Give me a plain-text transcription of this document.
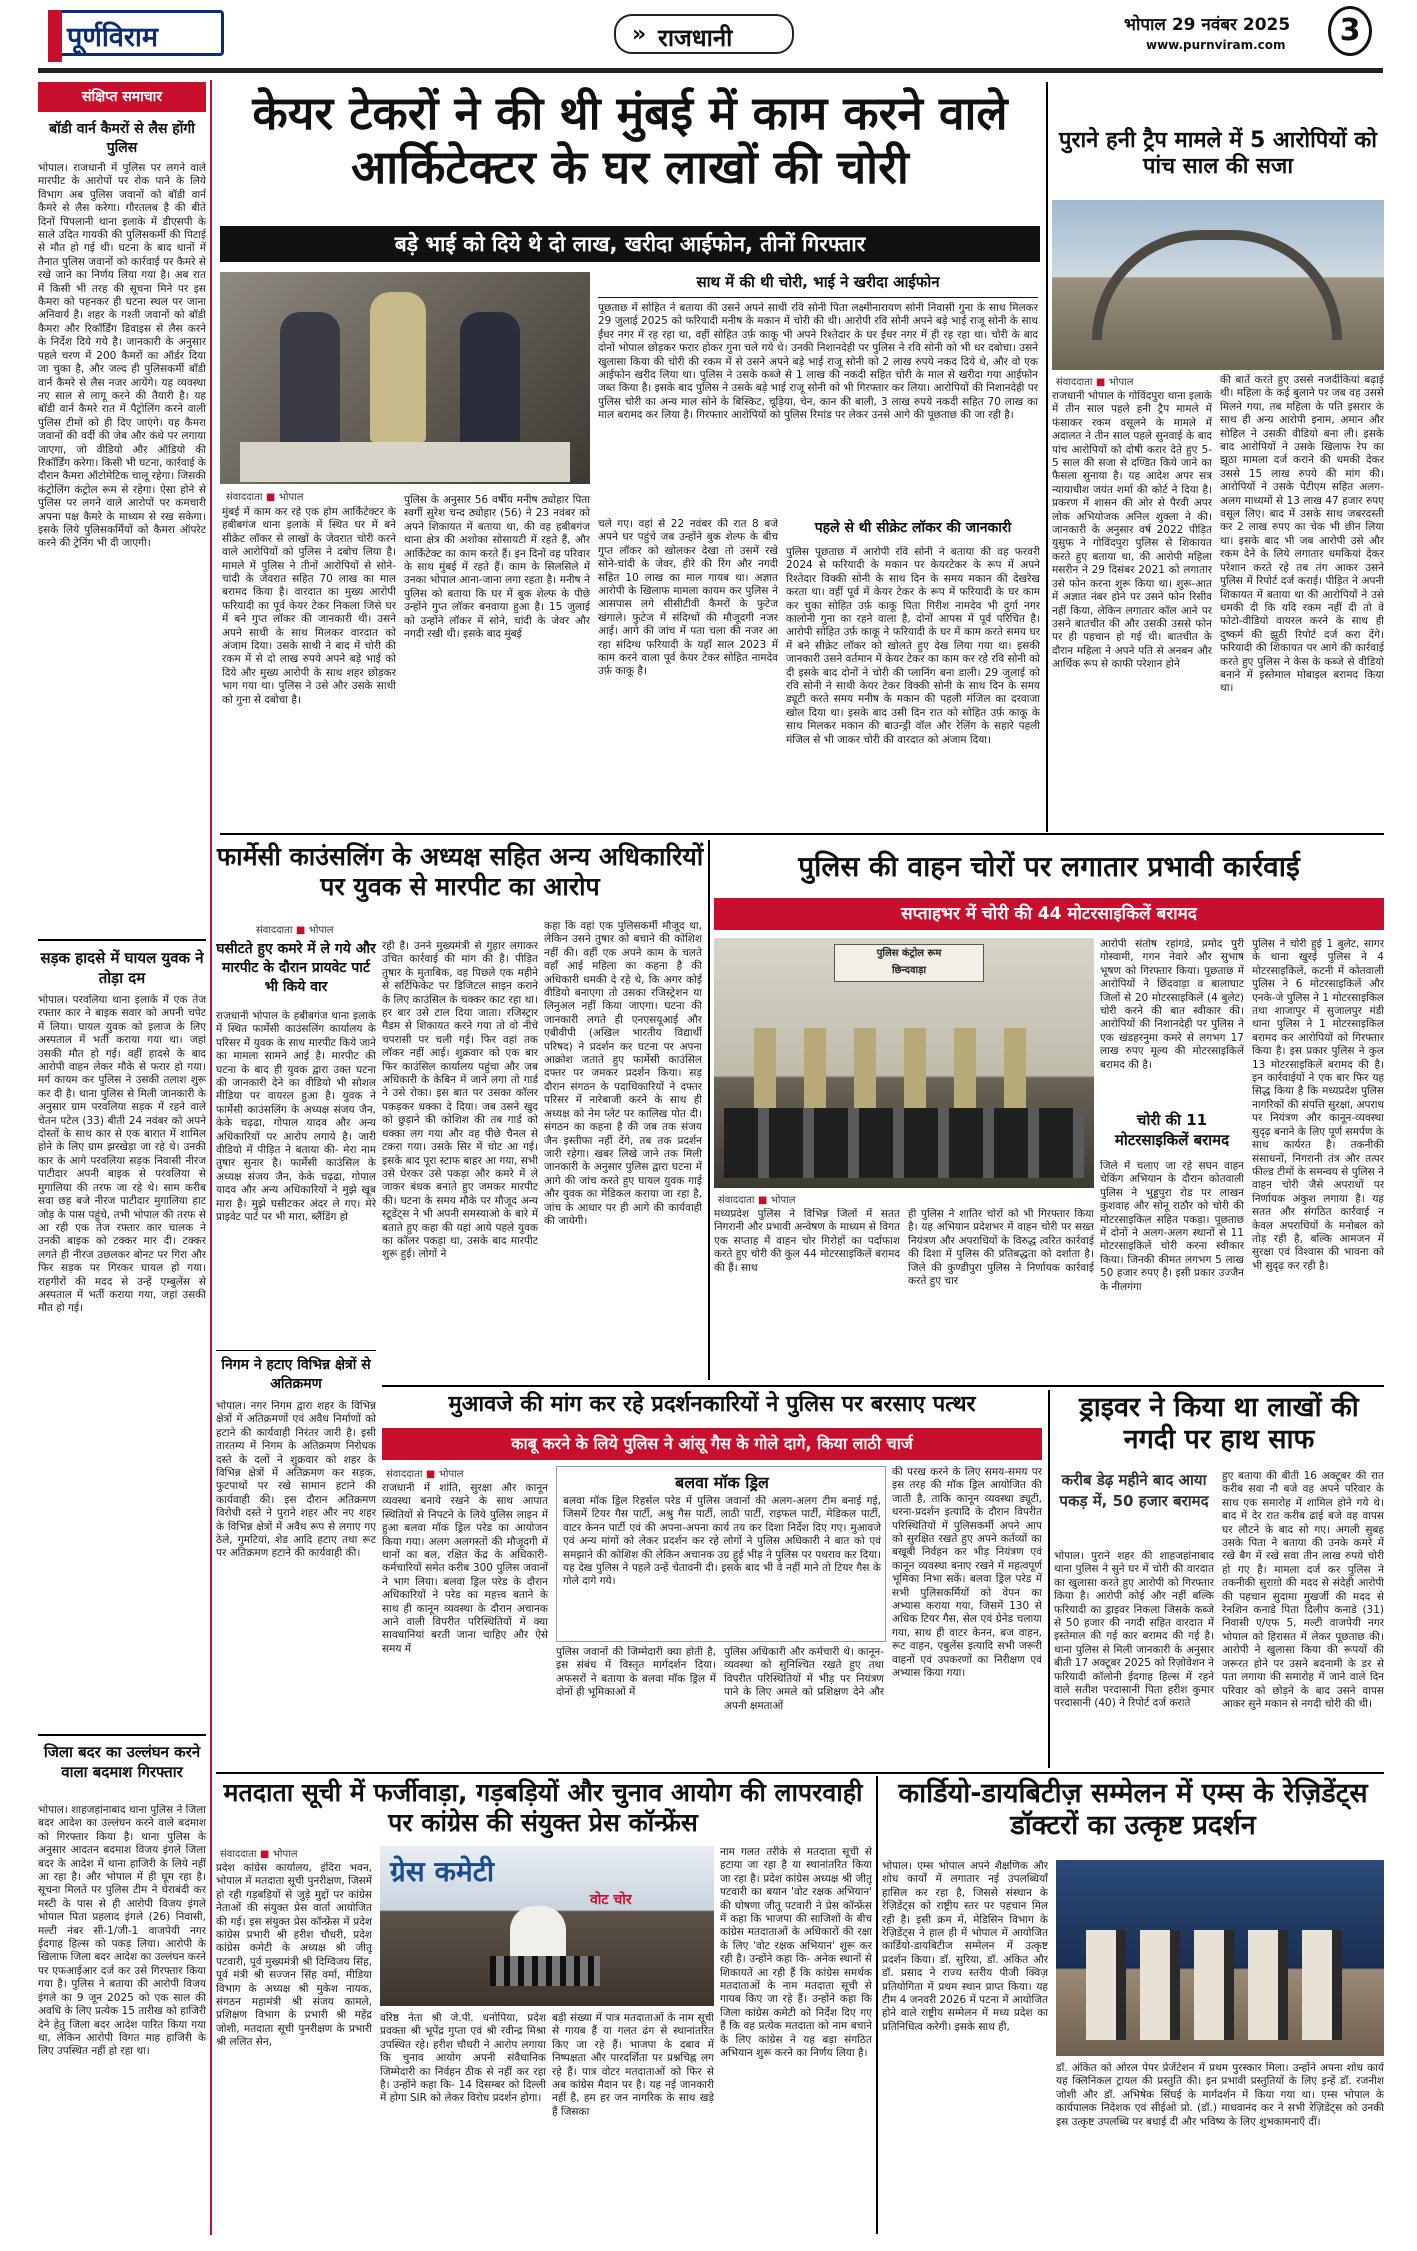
पूर्णविराम	» राजधानी	भोपाल 29 नवंबर 2025
www.purnviram.com	3
संक्षिप्त समाचार
बॉडी वार्न कैमरों से लैस होंगी पुलिस
भोपाल। राजधानी में पुलिस पर लगने वाले मारपीट के आरोपों पर रोक पाने के लिये विभाग अब पुलिस जवानों को बॉडी वार्न कैमरे से लैस करेगा। गौरतलब है की बीते दिनों पिपलानी थाना इलाके में डीएसपी के साले उदित गायकी की पुलिसकर्मी की पिटाई से मौत हो गई थी। घटना के बाद थानों में तैनात पुलिस जवानों को कार्रवाई पर कैमरे से रखे जाने का निर्णय लिया गया है। अब रात में किसी भी तरह की सूचना मिने पर इस कैमरा को पहनकर ही घटना स्थल पर जाना अनिवार्य है। शहर के गश्ती जवानों को बॉडी कैमरा और रिकॉर्डिंग डिवाइस से लैस करने के निर्देश दिये गये है। जानकारी के अनुसार पहले चरण में 200 कैमरों का ऑर्डर दिया जा चुका है, और जल्द ही पुलिसकर्मी बॉडी वार्न कैमरे से लैस नजर आयेंगे। यह व्यवस्था नए साल से लागू करने की तैयारी है। यह बॉडी वार्न कैमरे रात में पैट्रोलिंग करने वाली पुलिस टीमों को ही दिए जाएंगे। यह कैमरा जवानों की वर्दी की जेब और कंधे पर लगाया जाएगा, जो वीडियो और ऑडियो की रिकॉर्डिंग करेगा। किसी भी घटना, कार्रवाई के दौरान कैमरा ऑटोमेटिक चालू रहेगा। जिसकी कंट्रोलिंग कंट्रोल रूम से रहेगा। ऐसा होने से पुलिस पर लगने वाले आरोपों पर कमचारी अपना पक्ष कैमरे के माध्यम से रख सकेगा। इसके लिये पुलिसकर्मियों को कैमरा ऑपरेट करने की ट्रेनिंग भी दी जाएगी।
सड़क हादसे में घायल युवक ने तोड़ा दम
भोपाल। परवलिया थाना इलाके में एक तेज रफ्तार कार ने बाइक सवार को अपनी चपेट में लिया। घायल युवक को इलाज के लिए अस्पताल में भर्ती कराया गया था। जहां उसकी मौत हो गई। वहीं हादसे के बाद आरोपी वाहन लेकर मौके से फरार हो गया। मर्ग कायम कर पुलिस ने उसकी तलाश शुरू कर दी है। थाना पुलिस से मिली जानकारी के अनुसार ग्राम परवलिया सड़क में रहने वाले चेतन पटेल (33) बीती 24 नवंबर को अपने दोस्तों के साथ कार से एक बारात में शामिल होने के लिए ग्राम झरखेड़ा जा रहे थे। उनकी कार के आगे परवलिया सड़क निवासी नीरज पाटीदार अपनी बाइक से परवलिया से मुगालिया की तरफ जा रहे थे। साम करीब सवा छह बजे नीरज पाटीदार मुगालिया हाट जोड़ के पास पहुंचे, तभी भोपाल की तरफ से आ रही एक तेज रफ्तार कार चालक ने उनकी बाइक को टक्कर मार दी। टक्कर लगते ही नीरज उछलकर बोनट पर गिरा और फिर सड़क पर गिरकर घायल हो गया। राहगीरों की मदद से उन्हें एम्बुलेंस से अस्पताल में भर्ती कराया गया, जहां उसकी मौत हो गई।
जिला बदर का उल्लंघन करने वाला बदमाश गिरफ्तार
भोपाल। शाहजहांनाबाद थाना पुलिस ने जिला बदर आदेश का उल्लंघन करने वाले बदमाश को गिरफ्तार किया है। थाना पुलिस के अनुसार आदतन बदमाश विजय इंगले जिला बदर के आदेश में थाना हाजिरी के लिये नहीं आ रहा है। और भोपाल में ही घूम रहा है। सूचना मिलते पर पुलिस टीम ने घेराबंदी कर मस्टी के पास से ही आरोपी विजय इंगले भोपाल पिता प्रहलाद इंगले (26) निवासी, मल्टी नंबर सी-1/जी-1 वाजपेयी नगर ईदगाह हिल्स को पकड़ लिया। आरोपी के खिलाफ जिला बदर आदेश का उल्लंघन करने पर एफआईआर दर्ज कर उसे गिरफ्तार किया गया है। पुलिस ने बताया की आरोपी विजय इंगले का 9 जून 2025 को एक साल की अवधि के लिए प्रत्येक 15 तारीख को हाजिरी देने हेतु जिला बदर आदेश पारित किया गया था, लेकिन आरोपी विगत माह हाजिरी के लिए उपस्थित नहीं हो रहा था।
केयर टेकरों ने की थी मुंबई में काम करने वाले आर्किटेक्टर के घर लाखों की चोरी
बड़े भाई को दिये थे दो लाख, खरीदा आईफोन, तीनों गिरफ्तार
संवाददाता ■ भोपाल
मुंबई में काम कर रहे एक होम आर्किटेक्टर के हबीबगंज थाना इलाके में स्थित घर में बने सीक्रेट लॉकर से लाखों के जेवरात चोरी करने वाले आरोपियों को पुलिस ने दबोच लिया है। मामले में पुलिस ने तीनों आरोपियों से सोने-चांदी के जेवरात सहित 70 लाख का माल बरामद किया है। वारदात का मुख्य आरोपी फरियादी का पूर्व केयर टेकर निकला जिसे घर में बने गुप्त लॉकर की जानकारी थी। उसने अपने साथी के साथ मिलकर वारदात को अंजाम दिया। उसके साथी ने बाद में चोरी की रकम में से दो लाख रुपये अपने बड़े भाई को दिये और मुख्य आरोपी के साथ शहर छोड़कर भाग गया था। पुलिस ने उसे और उसके साथी को गुना से दबोचा है।
पुलिस के अनुसार 56 वर्षीय मनीष ठ्योहार पिता स्वर्गी सुरेश चन्द ठ्योहार (56) ने 23 नवंबर को अपने शिकायत में बताया था, की वह हबीबगंज थाना क्षेत्र की अशोका सोसायटी में रहते हैं, और आर्किटेक्ट का काम करते हैं। इन दिनों वह परिवार के साथ मुंबई में रहते हैं। काम के सिलसिले में उनका भोपाल आना-जाना लगा रहता है। मनीष ने पुलिस को बताया कि घर में बुक शेल्फ के पीछे उन्होंने गुप्त लॉकर बनवाया हुआ है। 15 जुलाई को उन्होंने लॉकर में सोने, चांदी के जेवर और नगदी रखी थी। इसके बाद मुंबई
चले गए। वहां से 22 नवंबर की रात 8 बजे अपने घर पहुंचे जब उन्होंने बुक शेल्फ के बीच गुप्त लॉकर को खोलकर देखा तो उसमें रखे सोने-चांदी के जेवर, हीरे की रिंग और नगदी सहित 10 लाख का माल गायब था। अज्ञात आरोपी के खिलाफ मामला कायम कर पुलिस ने आसपास लगे सीसीटीवी कैमरों के फुटेज खंगाले। फुटेज में संदिग्धों की मौजूदगी नजर आई। आगे की जांच में पता चला की नजर आ रहा संदिग्ध फरियादी के यहाँ साल 2023 में काम करने वाला पूर्व केयर टेकर सोहित नामदेव उर्फ़ काकू है।
साथ में की थी चोरी, भाई ने खरीदा आईफोन
पूछताछ में सोहित ने बताया की उसने अपने साथी रवि सोनी पिता लक्ष्मीनारायण सोनी निवासी गुना के साथ मिलकर 29 जुलाई 2025 को फरियादी मनीष के मकान में चोरी की थी। आरोपी रवि सोनी अपने बड़े भाई राजू सोनी के साथ ईंधर नगर में रह रहा था, वहीं सोहित उर्फ़ काकू भी अपने रिश्तेदार के घर ईंधर नगर में ही रह रहा था। चोरी के बाद दोनों भोपाल छोड़कर फरार होकर गुना चले गये थे। उनकी निशानदेही पर पुलिस ने रवि सोनी को भी धर दबोचा। उसने खुलासा किया की चोरी की रकम में से उसने अपने बड़े भाई राजू सोनी को 2 लाख रुपये नकद दिये थे, और वो एक आईफोन खरीद लिया था। पुलिस ने उसके कब्जे से 1 लाख की नकदी सहित चोरी के माल से खरीदा गया आईफोन जब्त किया है। इसके बाद पुलिस ने उसके बड़े भाई राजू सोनी को भी गिरफ्तार कर लिया। आरोपियों की निशानदेही पर पुलिस चोरी का अन्य माल सोने के बिस्किट, चूड़िया, चेन, कान की बाली, 3 लाख रुपये नकदी सहित 70 लाख का माल बरामद कर लिया है। गिरफ्तार आरोपियों को पुलिस रिमांड पर लेकर उनसे आगे की पूछताछ की जा रही है।
पहले से थी सीक्रेट लॉकर की जानकारी
पुलिस पूछताछ में आरोपी रवि सोनी ने बताया की वह फरवरी 2024 से फरियादी के मकान पर केयरटेकर के रूप में अपने रिश्तेदार विक्की सोनी के साथ दिन के समय मकान की देखरेख करता था। वहीं पूर्व में केयर टेकर के रूप में फरियादी के घर काम कर चुका सोहित उर्फ़ काकू पिता गिरीश नामदेव भी दुर्गा नगर कालोनी गुना का रहने वाला है, दोनों आपस में पूर्व परिचित है। आरोपी सोहित उर्फ़ काकू ने फरियादी के घर में काम करते समय घर में बने सीक्रेट लॉकर को खोलते हुए देख लिया गया था। इसकी जानकारी उसने वर्तमान में केयर टेकर का काम कर रहे रवि सोनी को दी इसके बाद दोनों ने चोरी की प्लानिंग बना डाली। 29 जुलाई को रवि सोनी ने साथी केयर टेकर विक्की सोनी के साथ दिन के समय ड्यूटी करते समय मनीष के मकान की पहली मंजिल का दरवाजा खोल दिया था। इसके बाद उसी दिन रात को सोहित उर्फ़ काकू के साथ मिलकर मकान की बाउन्ड्री वॉल और रेलिंग के सहारे पहली मंजिल से भी जाकर चोरी की वारदात को अंजाम दिया।
पुराने हनी ट्रैप मामले में 5 आरोपियों को पांच साल की सजा
संवाददाता ■ भोपाल
राजधानी भोपाल के गोविंदपुरा थाना इलाके में तीन साल पहले हनी ट्रैप मामले में फंसाकर रकम वसूलने के मामले में अदालत ने तीन साल पहले सुनवाई के बाद पांच आरोपियों को दोषी करार देते हुए 5-5 साल की सजा से दण्डित किये जाने का फैसला सुनाया है। यह आदेश अपर सत्र न्यायाधीश जयंत शर्मा की कोर्ट ने दिया है। प्रकरण में शासन की ओर से पैरवी अपर लोक अभियोजक अनिल शुक्ला ने की। जानकारी के अनुसार वर्ष 2022 पीड़ित युसुफ ने गोविंदपुरा पुलिस से शिकायत करते हुए बताया था, की आरोपी महिला मसरीन ने 29 दिसंबर 2021 को लगातार उसे फोन करना शुरू किया था। शुरू-आत में अज्ञात नंबर होने पर उसने फोन रिसीव नहीं किया, लेकिन लगातार कॉल आने पर उसने बातचीत की और उसकी उससे फोन पर ही पहचान हो गई थी। बातचीत के दौरान महिला ने अपने पति से अनबन और आर्थिक रूप से काफी परेशान होने
की बातें करते हुए उससे नजदीकियां बढ़ाई थी। महिला के कई बुलाने पर जब वह उससे मिलने गया, तब महिला के पति इसरार के साथ ही अन्य आरोपी इनाम, अमान और सोहिल ने उसकी वीडियो बना ली। इसके बाद आरोपियों ने उसके खिलाफ रेप का झूठा मामला दर्ज कराने की धमकी देकर उससे 15 लाख रुपये की मांग की। आरोपियों ने उसके पेटीएम सहित अलग-अलग माध्यमों से 13 लाख 47 हजार रुपए वसूल लिए। बाद में उसके साथ जबरदस्ती कर 2 लाख रुपए का चेक भी छीन लिया था। इसके बाद भी जब आरोपी उसे और रकम देने के लिये लगातार धमकियां देकर परेशान करते रहे तब तंग आकर उसने पुलिस में रिपोर्ट दर्ज कराई। पीड़ित ने अपनी शिकायत में बताया था की आरोपियों ने उसे धमकी दी कि यदि रकम नहीं दी तो वे फोटो-वीडियो वायरल करने के साथ ही दुष्कर्म की झूठी रिपोर्ट दर्ज करा देंगे। फरियादी की शिकायत पर आगे की कार्रवाई करते हुए पुलिस ने केस के कब्जे से वीडियो बनाने में इस्तेमाल मोबाइल बरामद किया था।
फार्मेसी काउंसलिंग के अध्यक्ष सहित अन्य अधिकारियों पर युवक से मारपीट का आरोप
संवाददाता ■ भोपाल
घसीटते हुए कमरे में ले गये और मारपीट के दौरान प्रायवेट पार्ट भी किये वार
राजधानी भोपाल के हबीबगंज थाना इलाके में स्थित फार्मेसी काउंसलिंग कार्यालय के परिसर में युवक के साथ मारपीट किये जाने का मामला सामने आई है। मारपीट की घटना के बाद ही युवक द्वारा उक्त घटना की जानकारी देने का वीडियो भी सोशल मीडिया पर वायरल हुआ है। युवक ने फार्मेसी काउंसलिंग के अध्यक्ष संजय जैन, केके चढ़ढा, गोपाल यादव और अन्य अधिकारियों पर आरोप लगाये है। जारी वीडियो में पीड़ित ने बताया की- मेरा नाम तुषार सुनार है। फार्मेसी काउंसिल के अध्यक्ष संजय जैन, केके चढ़ढा, गोपाल यादव और अन्य अधिकारियों ने मुझे खूब मारा है। मुझे घसीटकर अंदर ले गए। मेरे प्राइवेट पार्ट पर भी मारा, ब्लैंडिंग हो
रही है। उनने मुख्यमंत्री से गुहार लगाकर उचित कार्रवाई की मांग की है। पीड़ित तुषार के मुताबिक, वह पिछले एक महीने से सर्टिफिकेट पर डिजिटल साइन कराने के लिए काउंसिल के चक्कर काट रहा था। हर बार उसे टाल दिया जाता। रजिस्ट्रार मैडम से शिकायत करने गया तो वो नीचे चपरासी पर चली गई। फिर वहां तक लॉकर नहीं आई। शुक्रवार को एक बार फिर काउंसिल कार्यालय पहुंचा और जब अधिकारी के केबिन में जाने लगा तो गार्ड ने उसे रोका। इस बात पर उसका कॉलर पकड़कर धक्का दे दिया। जब उसने खुद को छुड़ाने की कोशिश की तब गार्ड को धक्का लग गया और वह पीछे चैनल से टकरा गया। उसके सिर में चोट आ गई। इसके बाद पूरा स्टाफ बाहर आ गया, सभी उसे घेरकर उसे पकड़ा और कमरे में ले जाकर बंधक बनाते हुए जमकर मारपीट की। घटना के समय मौके पर मौजूद अन्य स्टूडेंट्स ने भी अपनी समस्याओ के बारे में बताते हुए कहा की यहां आये पहले युवक का कॉलर पकड़ा था, उसके बाद मारपीट शुरू हुई। लोगों ने
कहा कि वहां एक पुलिसकर्मी मौजूद था, लेकिन उसने तुषार को बचाने की कोशिश नहीं की। वहीं एक अपने काम के चलते वहाँ आई महिला का कहना है की अधिकारी धमकी दे रहे थे, कि अगर कोई वीडियो बनाएगा तो उसका रजिस्ट्रेशन या लिनुअल नहीं किया जाएगा। घटना की जानकारी लगते ही एनएसयूआई और एबीवीपी (अखिल भारतीय विद्यार्थी परिषद) ने प्रदर्शन कर घटना पर अपना आक्रोश जताते हुए फार्मेसी काउंसिल दफ्तर पर जमकर प्रदर्शन किया। सड़ दौरान संगठन के पदाधिकारियों ने दफ्तर परिसर में नारेबाजी करने के साथ ही अध्यक्ष को नेम प्लेट पर कालिख पोत दी। संगठन का कहना है की जब तक संजय जैन इस्तीफा नहीं देंगे, तब तक प्रदर्शन जारी रहेगा। खबर लिखे जाने तक मिली जानकारी के अनुसार पुलिस द्वारा घटना में आगे की जांच करते हुए घायल युवक गाई और युवक का मेडिकल कराया जा रहा है, जांच के आधार पर ही आगे की कार्यवाही की जायेगी।
निगम ने हटाए विभिन्न क्षेत्रों से अतिक्रमण
भोपाल। नगर निगम द्वारा शहर के विभिन्न क्षेत्रों में अतिक्रमणों एवं अवैध निर्माणों को हटाने की कार्यवाही निरंतर जारी है। इसी तारतम्य में निगम के अतिक्रमण निरोधक दस्ते के दलों ने शुक्रवार को शहर के विभिन्न क्षेत्रों में अतिक्रमण कर सड़क, फुटपाथों पर रखे सामान हटाने की कार्यवाही की। इस दौरान अतिक्रमण विरोधी दस्ते ने पुराने शहर और नए शहर के विभिन्न क्षेत्रों में अवैध रूप से लगाए गए ठेले, गुमटियां, शेड आदि हटाए तथा रूट पर अतिक्रमण हटाने की कार्यवाही की।
पुलिस की वाहन चोरों पर लगातार प्रभावी कार्रवाई
सप्ताहभर में चोरी की 44 मोटरसाइकिलें बरामद
पुलिस कंट्रोल रूम
छिन्दवाड़ा
संवाददाता ■ भोपाल
आरोपी संतोष रहांगडे, प्रमोद पुरी गोस्वामी, गगन नेवारे और सुभाष भूषण को गिरफ्तार किया। पूछताछ में आरोपियों ने छिंदवाड़ा व बालाघाट जिलों से 20 मोटरसाइकिलें (4 बुलेट) चोरी करने की बात स्वीकार की। आरोपियों की निशानदेही पर पुलिस ने एक खंडहरनुमा कमरे से लगभग 17 लाख रुपए मूल्य की मोटरसाइकिलें बरामद की है।
चोरी की 11 मोटरसाइकिलें बरामद
जिले में चलाए जा रहे सघन वाहन चेकिंग अभियान के दौरान कोतवाली पुलिस ने भुड्डपुरा रोड पर लाखन कुशवाह और सोनू राठौर को चोरी की मोटरसाइकिल सहित पकड़ा। पूछताछ में दोनों ने अलग-अलग स्थानों से 11 मोटरसाइकिलें चोरी करना स्वीकार किया। जिनकी कीमत लगभग 5 लाख 50 हजार रुपए है। इसी प्रकार उज्जैन के नीलगंगा
पुलिस ने चोरी हुई 1 बुलेट, सागर के थाना खुरई पुलिस ने 4 मोटरसाइकिलें, कटनी में कोतवाली पुलिस ने 6 मोटरसाइकिलें और एनके-जे पुलिस ने 1 मोटरसाइकिल तथा शाजापुर में सुजालपुर मंडी थाना पुलिस ने 1 मोटरसाइकिल बरामद कर आरोपियों को गिरफ्तार किया है। इस प्रकार पुलिस ने कुल 13 मोटरसाइकिलें बरामद की है। इन कार्रवाईयों ने एक बार फिर यह सिद्ध किया है कि मध्यप्रदेश पुलिस नागरिकों की संपत्ति सुरक्षा, अपराध पर नियंत्रण और कानून-व्यवस्था सुदृढ़ बनाने के लिए पूर्ण समर्पण के साथ कार्यरत है। तकनीकी संसाधनों, निगरानी तंत्र और तत्पर फील्ड टीमों के समन्वय से पुलिस ने वाहन चोरी जैसे अपराधों पर निर्णायक अंकुश लगाया है। यह सतत और संगठित कार्रवाई न केवल अपराधियों के मनोबल को तोड़ रही है, बल्कि आमजन में सुरक्षा एवं विश्वास की भावना को भी सुदृढ़ कर रही है।
मध्यप्रदेश पुलिस ने विभिन्न जिलों में सतत निगरानी और प्रभावी अन्वेषण के माध्यम से विगत एक सप्ताह में वाहन चोर गिरोहों का पर्दाफाश करते हुए चोरी की कुल 44 मोटरसाइकिलें बरामद की हैं। साथ
ही पुलिस ने शातिर चोरों को भी गिरफ्तार किया है। यह अभियान प्रदेशभर में वाहन चोरी पर सख्त नियंत्रण और अपराधियों के विरुद्ध त्वरित कार्रवाई की दिशा में पुलिस की प्रतिबद्धता को दर्शाता है। जिले की कुण्डीपुरा पुलिस ने निर्णायक कार्रवाई करते हुए चार
मुआवजे की मांग कर रहे प्रदर्शनकारियों ने पुलिस पर बरसाए पत्थर
काबू करने के लिये पुलिस ने आंसू गैस के गोले दागे, किया लाठी चार्ज
संवाददाता ■ भोपाल
राजधानी में शांति, सुरक्षा और कानून व्यवस्था बनाये रखने के साथ आपात स्थितियों से निपटने के लिये पुलिस लाइन में हुआ बलवा मॉक ड्रिल परेड का आयोजन किया गया। अलग अलगस्तों की मौजूदगी में थानों का बल, रक्षित केंद्र के अधिकारी-कर्मचारियों समेत करीब 300 पुलिस जवानों ने भाग लिया। बलवा ड्रिल परेड के दौरान अधिकारियों ने परेड का महत्त्व बताने के साथ ही कानून व्यवस्था के दौरान अचानक आने वाली विपरीत परिस्थितियों में क्या सावधानियां बरती जाना चाहिए और ऐसे समय में
बलवा मॉक ड्रिल
बलवा मॉक ड्रिल रिहर्सल परेड में पुलिस जवानों की अलग-अलग टीम बनाई गई, जिसमें टियर गैस पार्टी, अश्रु गैस पार्टी, लाठी पार्टी, राइफल पार्टी, मेडिकल पार्टी, वाटर केनन पार्टी एवं की अपना-अपना कार्य तय कर दिशा निर्देश दिए गए। मुआवजे एवं अन्य मांगों को लेकर प्रदर्शन कर रहे लोगों ने पुलिस अधिकारी ने बात को एवं समझाने की कोशिश की लेकिन अचानक उग्र हुई भीड़ ने पुलिस पर पथराव कर दिया। यह देख पुलिस ने पहले उन्हें चेतावनी दी। इसके बाद भी वे नहीं माने तो टियर गैस के गोले दागे गये।
पुलिस जवानों की जिम्मेदारी क्या होती है, इस संबंध में विस्तृत मार्गदर्शन दिया। अफसरों ने बताया के बलवा मॉक ड्रिल में दोनों ही भूमिकाओं में
पुलिस अधिकारी और कर्मचारी थे। कानून-व्यवस्था को सुनिश्चित रखते हुए तथा विपरीत परिस्थितियों में भीड़ पर नियंत्रण पाने के लिए अमले को प्रशिक्षण देने और अपनी क्षमताओं
की परख करने के लिए समय-समय पर इस तरह की मॉक ड्रिल आयोजित की जाती है, ताकि कानून व्यवस्था ड्यूटी, धरना-प्रदर्शन इत्यादि के दौरान विपरीत परिस्थितियों में पुलिसकर्मी अपने आप को सुरक्षित रखते हुए अपने कर्तव्यों का बखूबी निर्वहन कर भीड़ नियंत्रण एवं कानून व्यवस्था बनाए रखने में महत्वपूर्ण भूमिका निभा सकें। बलवा ड्रिल परेड में सभी पुलिसकर्मियों को वेपन का अभ्यास कराया गया, जिसमें 130 से अधिक टियर गैस, सेल एवं ग्रेनेड चलाया गया, साथ ही वाटर केनन, बज वाहन, रूट वाहन, एबुलेंस इत्यादि सभी जरूरी वाहनों एवं उपकरणों का निरीक्षण एवं अभ्यास किया गया।
ड्राइवर ने किया था लाखों की नगदी पर हाथ साफ
करीब डेढ़ महीने बाद आया पकड़ में, 50 हजार बरामद
भोपाल। पुराने शहर की शाहजहांनाबाद थाना पुलिस ने सुने घर में चोरी की वारदात का खुलासा करते हुए आरोपी को गिरफ्तार किया है। आरोपी कोई और नहीं बल्कि फरियादी का ड्राइवर निकला जिसके कब्जे से 50 हजार की नगदी सहित वारदात में इस्तेमाल की गई कार बरामद की गई है। थाना पुलिस से मिली जानकारी के अनुसार बीती 17 अक्टूबर 2025 को रिज़ोवेशन ने फरियादी कॉलोनी ईदगाह हिल्स में रहने वाले सतीश परदासानी पिता हरीश कुमार परदासानी (40) ने रिपोर्ट दर्ज कराते
हुए बताया की बीती 16 अक्टूबर की रात करीब सवा नौ बजे वह अपने परिवार के साथ एक समारोह में शामिल होने गये थे। बाद में देर रात करीब ढाई बजे वह वापस घर लौटने के बाद सो गए। अगली सुबह उसके पिता ने बताया की उनके कमरे में रखे बैग में रखे सवा तीन लाख रुपये चोरी हो गए है। मामला दर्ज कर पुलिस ने तकनीकी सुराग़ो की मदद से संदेही आरोपी की पहचान सुदामा मुखर्जी की मदद से रेनशिन कनाडे पिता दिलीप कनाडे (31) निवासी ए/एफ 5, मल्टी वाजपेयी नगर भोपाल को हिरासत में लेकर पूछताछ की। आरोपी ने खुलासा किया की रूपयों की जरूरत होने पर उसने बदनामी के डर से पता लगाया की समारोह में जाने वाले दिन परिवार को छोड़ने के बाद उसने वापस आकर सुने मकान से नगदी चोरी की थी।
मतदाता सूची में फर्जीवाड़ा, गड़बड़ियों और चुनाव आयोग की लापरवाही पर कांग्रेस की संयुक्त प्रेस कॉन्फ्रेंस
संवाददाता ■ भोपाल
प्रदेश कांग्रेस कार्यालय, इंदिरा भवन, भोपाल में मतदाता सूची पुनरीक्षण, जिसमें हो रही गड़बड़ियों से जुड़े मुद्दों पर कांग्रेस नेताओं की संयुक्त प्रेस वार्ता आयोजित की गई। इस संयुक्त प्रेस कॉन्फ्रेंस में प्रदेश कांग्रेस प्रभारी श्री हरीश चौधरी, प्रदेश कांग्रेस कमेटी के अध्यक्ष श्री जीतू पटवारी, पूर्व मुख्यमंत्री श्री दिग्विजय सिंह, पूर्व मंत्री श्री सज्जन सिंह वर्मा, मीडिया विभाग के अध्यक्ष श्री मुकेश नायक, संगठन महामंत्री श्री संजय कामले, प्रशिक्षण विभाग के प्रभारी श्री महेंद्र जोशी, मतदाता सूची पुनरीक्षण के प्रभारी श्री ललित सेन,
ग्रेस कमेटी
वोट चोर
वरिष्ठ नेता श्री जे.पी. धनोपिया, प्रदेश प्रवक्ता श्री भूपेंद्र गुप्ता एवं श्री रवीन्द्र मिश्रा उपस्थित रहे। हरीश चौधरी ने आरोप लगाया कि चुनाव आयोग अपनी संवैधानिक जिम्मेदारी का निर्वहन ठीक से नहीं कर रहा है। उन्होंने कहा कि- 14 दिसम्बर को दिल्ली में होगा SIR को लेकर विरोध प्रदर्शन होगा।
बड़ी संख्या में पात्र मतदाताओं के नाम सूची से गायब हैं या गलत ढंग से स्थानांतरित किए जा रहे हैं। भाजपा के दबाव में निष्पक्षता और पारदर्शिता पर प्रश्नचिह्न लग रहे हैं। पात्र वोटर मतदाताओं को फिर से अब कांग्रेस मैदान पर है। यह नई जानकारी नहीं है, हम हर जन नागरिक के साथ खड़े हैं जिसका
नाम गलत तरीके से मतदाता सूची से हटाया जा रहा है या स्थानांतरित किया जा रहा है। प्रदेश कांग्रेस अध्यक्ष श्री जीतू पटवारी का बयान 'वोट रक्षक अभियान' की घोषणा जीतू पटवारी ने प्रेस कॉन्फ्रेंस में कहा कि भाजपा की साजिशों के बीच कांग्रेस मतदाताओं के अधिकारों की रक्षा के लिए 'वोट रक्षक अभियान' शुरू कर रही है। उन्होंने कहा कि- अनेक स्थानों से शिकायतें आ रही हैं कि कांग्रेस समर्थक मतदाताओं के नाम मतदाता सूची से गायब किए जा रहे हैं। उन्होंने कहा कि जिला कांग्रेस कमेटी को निर्देश दिए गए हैं कि वह प्रत्येक मतदाता को नाम बचाने के लिए कांग्रेस ने यह बड़ा संगठित अभियान शुरू करने का निर्णय लिया है।
कार्डियो-डायबिटीज़ सम्मेलन में एम्स के रेज़िडेंट्स डॉक्टरों का उत्कृष्ट प्रदर्शन
भोपाल। एम्स भोपाल अपने शैक्षणिक और शोध कार्यों में लगातार नई उपलब्धियाँ हासिल कर रहा है, जिससे संस्थान के रेज़िडेंट्स को राष्ट्रीय स्तर पर पहचान मिल रही है। इसी क्रम में, मेडिसिन विभाग के रेज़िडेंट्स ने हाल ही में भोपाल में आयोजित कार्डियो-डायबिटीज सम्मेलन में उत्कृष्ट प्रदर्शन किया। डॉ. सुरिया, डॉ. अंकित और डॉ. प्रसाद ने राज्य स्तरीय पीजी क्विज़ प्रतियोगिता में प्रथम स्थान प्राप्त किया। यह टीम 4 जनवरी 2026 में पटना में आयोजित होने वाले राष्ट्रीय सम्मेलन में मध्य प्रदेश का प्रतिनिधित्व करेगी। इसके साथ ही,
डॉ. अंकित को ओरल पेपर प्रेजेंटेशन में प्रथम पुरस्कार मिला। उन्होंने अपना शोध कार्य यह क्लिनिकल ट्रायल की प्रस्तुति की। इन प्रभावी प्रस्तुतियों के लिए इन्हें डॉ. रजनीश जोशी और डॉ. अभिषेक सिंघई के मार्गदर्शन में किया गया था। एम्स भोपाल के कार्यपालक निदेशक एवं सीईओ प्रो. (डॉ.) माधवानंद कर ने सभी रेज़िडेंट्स को उनकी इस उत्कृष्ट उपलब्धि पर बधाई दी और भविष्य के लिए शुभकामनाएँ दीं।
